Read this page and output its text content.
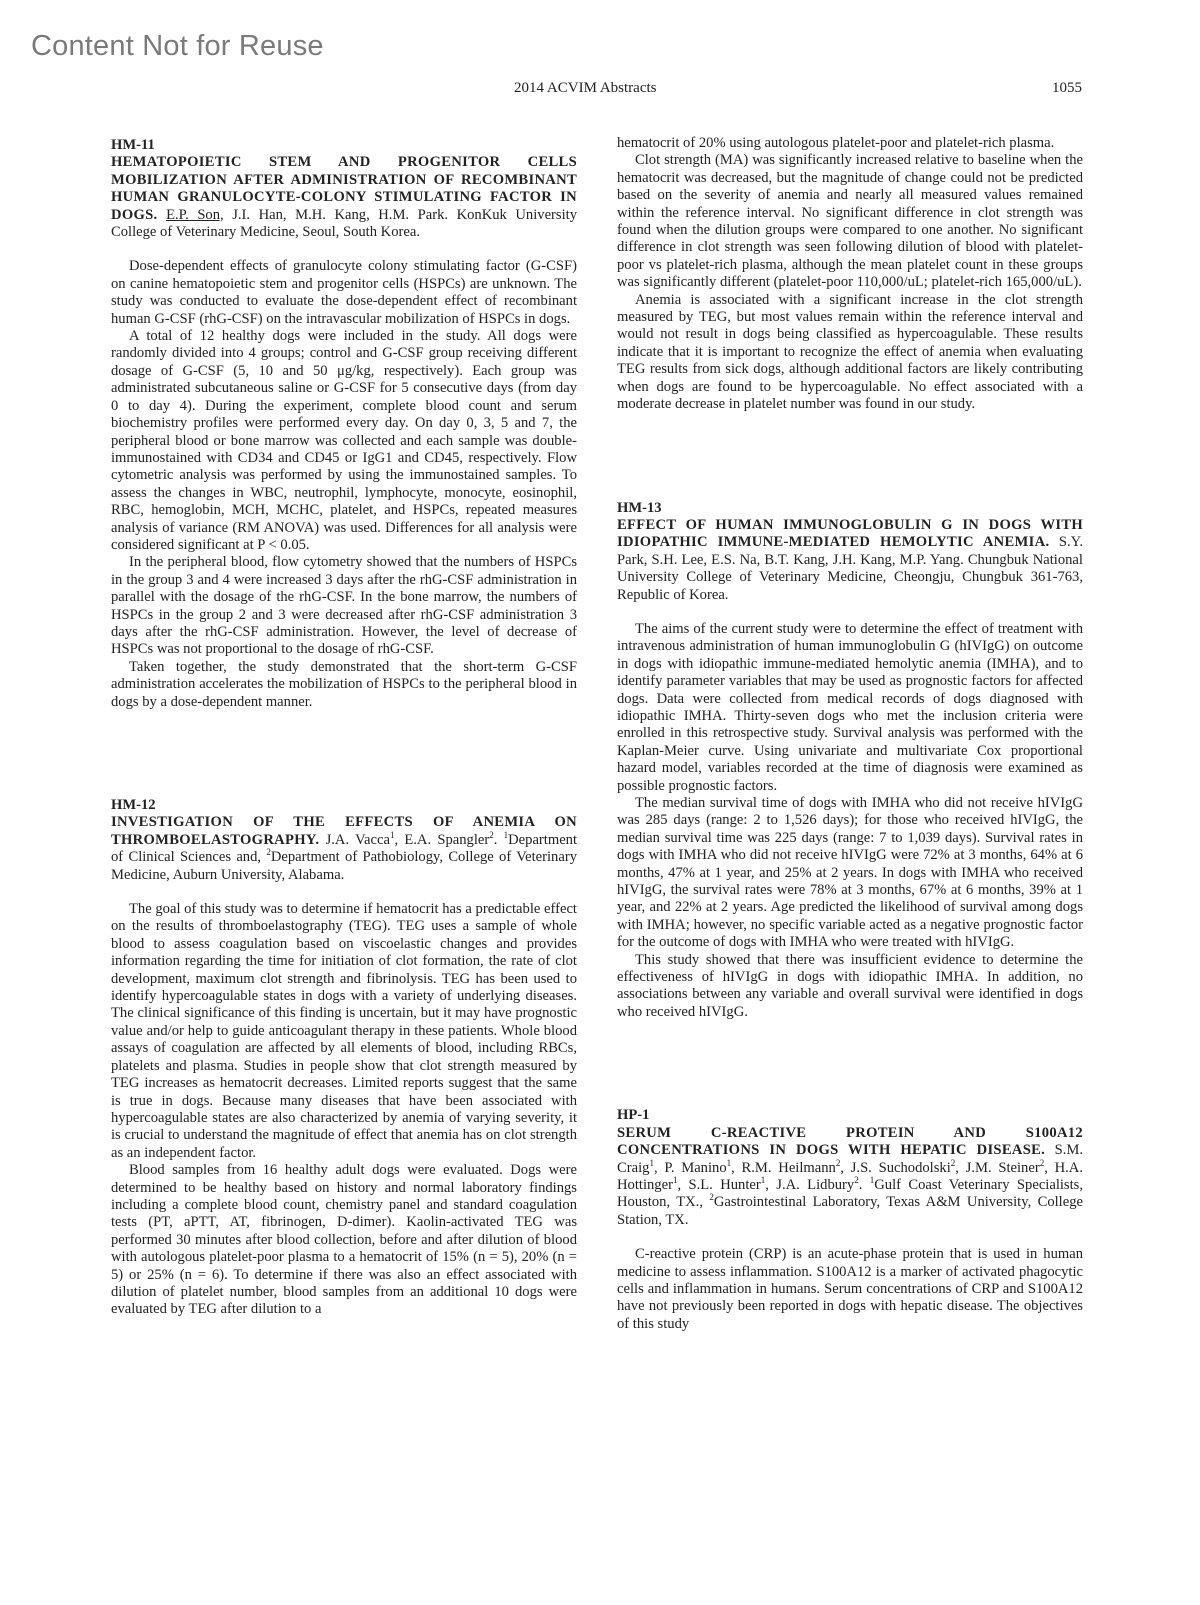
Content Not for Reuse
2014 ACVIM Abstracts	1055
HM-11
HEMATOPOIETIC STEM AND PROGENITOR CELLS MOBILIZATION AFTER ADMINISTRATION OF RECOMBINANT HUMAN GRANULOCYTE-COLONY STIMULATING FACTOR IN DOGS. E.P. Son, J.I. Han, M.H. Kang, H.M. Park. KonKuk University College of Veterinary Medicine, Seoul, South Korea.

Dose-dependent effects of granulocyte colony stimulating factor (G-CSF) on canine hematopoietic stem and progenitor cells (HSPCs) are unknown. The study was conducted to evaluate the dose-dependent effect of recombinant human G-CSF (rhG-CSF) on the intravascular mobilization of HSPCs in dogs.

A total of 12 healthy dogs were included in the study. All dogs were randomly divided into 4 groups; control and G-CSF group receiving different dosage of G-CSF (5, 10 and 50 μg/kg, respectively). Each group was administrated subcutaneous saline or G-CSF for 5 consecutive days (from day 0 to day 4). During the experiment, complete blood count and serum biochemistry profiles were performed every day. On day 0, 3, 5 and 7, the peripheral blood or bone marrow was collected and each sample was double-immunostained with CD34 and CD45 or IgG1 and CD45, respectively. Flow cytometric analysis was performed by using the immunostained samples. To assess the changes in WBC, neutrophil, lymphocyte, monocyte, eosinophil, RBC, hemoglobin, MCH, MCHC, platelet, and HSPCs, repeated measures analysis of variance (RM ANOVA) was used. Differences for all analysis were considered significant at P < 0.05.

In the peripheral blood, flow cytometry showed that the numbers of HSPCs in the group 3 and 4 were increased 3 days after the rhG-CSF administration in parallel with the dosage of the rhG-CSF. In the bone marrow, the numbers of HSPCs in the group 2 and 3 were decreased after rhG-CSF administration 3 days after the rhG-CSF administration. However, the level of decrease of HSPCs was not proportional to the dosage of rhG-CSF.

Taken together, the study demonstrated that the short-term G-CSF administration accelerates the mobilization of HSPCs to the peripheral blood in dogs by a dose-dependent manner.

HM-12
INVESTIGATION OF THE EFFECTS OF ANEMIA ON THROMBOELASTOGRAPHY. J.A. Vacca$^1$, E.A. Spangler$^2$. $^1$Department of Clinical Sciences and, $^2$Department of Pathobiology, College of Veterinary Medicine, Auburn University, Alabama.

The goal of this study was to determine if hematocrit has a predictable effect on the results of thromboelastography (TEG). TEG uses a sample of whole blood to assess coagulation based on viscoelastic changes and provides information regarding the time for initiation of clot formation, the rate of clot development, maximum clot strength and fibrinolysis. TEG has been used to identify hypercoagulable states in dogs with a variety of underlying diseases. The clinical significance of this finding is uncertain, but it may have prognostic value and/or help to guide anticoagulant therapy in these patients. Whole blood assays of coagulation are affected by all elements of blood, including RBCs, platelets and plasma. Studies in people show that clot strength measured by TEG increases as hematocrit decreases. Limited reports suggest that the same is true in dogs. Because many diseases that have been associated with hypercoagulable states are also characterized by anemia of varying severity, it is crucial to understand the magnitude of effect that anemia has on clot strength as an independent factor.

Blood samples from 16 healthy adult dogs were evaluated. Dogs were determined to be healthy based on history and normal laboratory findings including a complete blood count, chemistry panel and standard coagulation tests (PT, aPTT, AT, fibrinogen, D-dimer). Kaolin-activated TEG was performed 30 minutes after blood collection, before and after dilution of blood with autologous platelet-poor plasma to a hematocrit of 15% (n = 5), 20% (n = 5) or 25% (n = 6). To determine if there was also an effect associated with dilution of platelet number, blood samples from an additional 10 dogs were evaluated by TEG after dilution to a

hematocrit of 20% using autologous platelet-poor and platelet-rich plasma.

Clot strength (MA) was significantly increased relative to baseline when the hematocrit was decreased, but the magnitude of change could not be predicted based on the severity of anemia and nearly all measured values remained within the reference interval. No significant difference in clot strength was found when the dilution groups were compared to one another. No significant difference in clot strength was seen following dilution of blood with platelet-poor vs platelet-rich plasma, although the mean platelet count in these groups was significantly different (platelet-poor 110,000/uL; platelet-rich 165,000/uL).

Anemia is associated with a significant increase in the clot strength measured by TEG, but most values remain within the reference interval and would not result in dogs being classified as hypercoagulable. These results indicate that it is important to recognize the effect of anemia when evaluating TEG results from sick dogs, although additional factors are likely contributing when dogs are found to be hypercoagulable. No effect associated with a moderate decrease in platelet number was found in our study.

HM-13
EFFECT OF HUMAN IMMUNOGLOBULIN G IN DOGS WITH IDIOPATHIC IMMUNE-MEDIATED HEMOLYTIC ANEMIA. S.Y. Park, S.H. Lee, E.S. Na, B.T. Kang, J.H. Kang, M.P. Yang. Chungbuk National University College of Veterinary Medicine, Cheongju, Chungbuk 361-763, Republic of Korea.

The aims of the current study were to determine the effect of treatment with intravenous administration of human immunoglobulin G (hIVIgG) on outcome in dogs with idiopathic immune-mediated hemolytic anemia (IMHA), and to identify parameter variables that may be used as prognostic factors for affected dogs. Data were collected from medical records of dogs diagnosed with idiopathic IMHA. Thirty-seven dogs who met the inclusion criteria were enrolled in this retrospective study. Survival analysis was performed with the Kaplan-Meier curve. Using univariate and multivariate Cox proportional hazard model, variables recorded at the time of diagnosis were examined as possible prognostic factors.

The median survival time of dogs with IMHA who did not receive hIVIgG was 285 days (range: 2 to 1,526 days); for those who received hIVIgG, the median survival time was 225 days (range: 7 to 1,039 days). Survival rates in dogs with IMHA who did not receive hIVIgG were 72% at 3 months, 64% at 6 months, 47% at 1 year, and 25% at 2 years. In dogs with IMHA who received hIVIgG, the survival rates were 78% at 3 months, 67% at 6 months, 39% at 1 year, and 22% at 2 years. Age predicted the likelihood of survival among dogs with IMHA; however, no specific variable acted as a negative prognostic factor for the outcome of dogs with IMHA who were treated with hIVIgG.

This study showed that there was insufficient evidence to determine the effectiveness of hIVIgG in dogs with idiopathic IMHA. In addition, no associations between any variable and overall survival were identified in dogs who received hIVIgG.

HP-1
SERUM C-REACTIVE PROTEIN AND S100A12 CONCENTRATIONS IN DOGS WITH HEPATIC DISEASE. S.M. Craig$^1$, P. Manino$^1$, R.M. Heilmann$^2$, J.S. Suchodolski$^2$, J.M. Steiner$^2$, H.A. Hottinger$^1$, S.L. Hunter$^1$, J.A. Lidbury$^2$. $^1$Gulf Coast Veterinary Specialists, Houston, TX., $^2$Gastrointestinal Laboratory, Texas A&M University, College Station, TX.

C-reactive protein (CRP) is an acute-phase protein that is used in human medicine to assess inflammation. S100A12 is a marker of activated phagocytic cells and inflammation in humans. Serum concentrations of CRP and S100A12 have not previously been reported in dogs with hepatic disease. The objectives of this study
